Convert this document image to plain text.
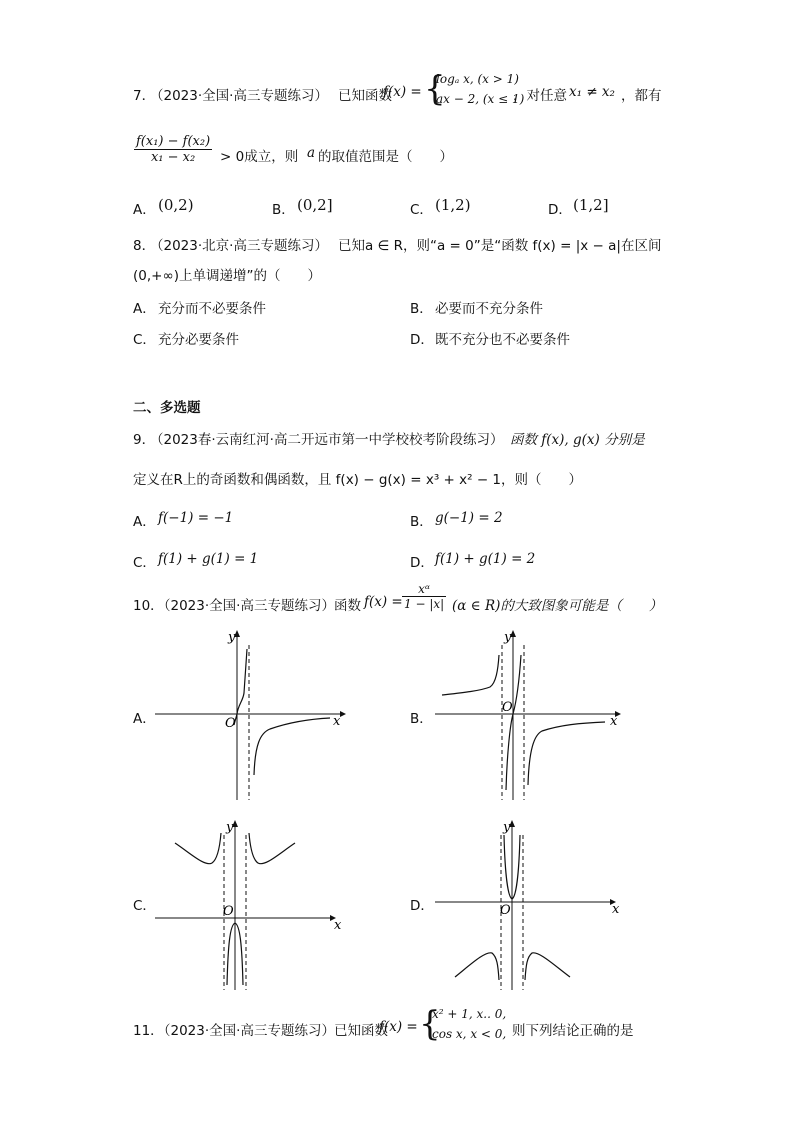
7．
（2023·全国·高三专题练习） 已知函数
f(x) = {
logₐ x, (x > 1)
ax − 2, (x ≤ 1)
，对任意 x₁ ≠ x₂ ，都有
$\frac{\text{f(x₁) − f(x₂)}}{\text{x₁ − x₂}} > 0$成立，则 a 的取值范围是（　　）
A． (0,2)	B． (0,2]	C． (1,2)	D． (1,2]
8．
（2023·北京·高三专题练习） 已知a ∈ R，则“a = 0”是“函数 f(x) = |x − a|在区间
(0,+∞)上单调递增”的（　　）
A． 充分而不必要条件	B． 必要而不充分条件
C． 充分必要条件	D． 既不充分也不必要条件
二、多选题
9．
（2023春·云南红河·高二开远市第一中学校校考阶段练习） 函数 f(x), g(x) 分别是
定义在R上的奇函数和偶函数，且 f(x) − g(x) = x³ + x² − 1，则（　　）
A． f(−1) = −1	B． g(−1) = 2
C． f(1) + g(1) = 1	D． f(1) + g(1) = 2
10．
（2023·全国·高三专题练习） 函数 $f(x) = \frac{\text{xᵅ}}{1 - |x|} (\alpha$ ∈ R)的大致图象可能是（　　）
A．	x
y
O	B．	x
y
O
C．
x
y
O	D．	x
y
O
11．
（2023·全国·高三专题练习） 已知函数
f(x) = {
x² + 1, x.. 0,
cos x, x < 0, 则下列结论正确的是
